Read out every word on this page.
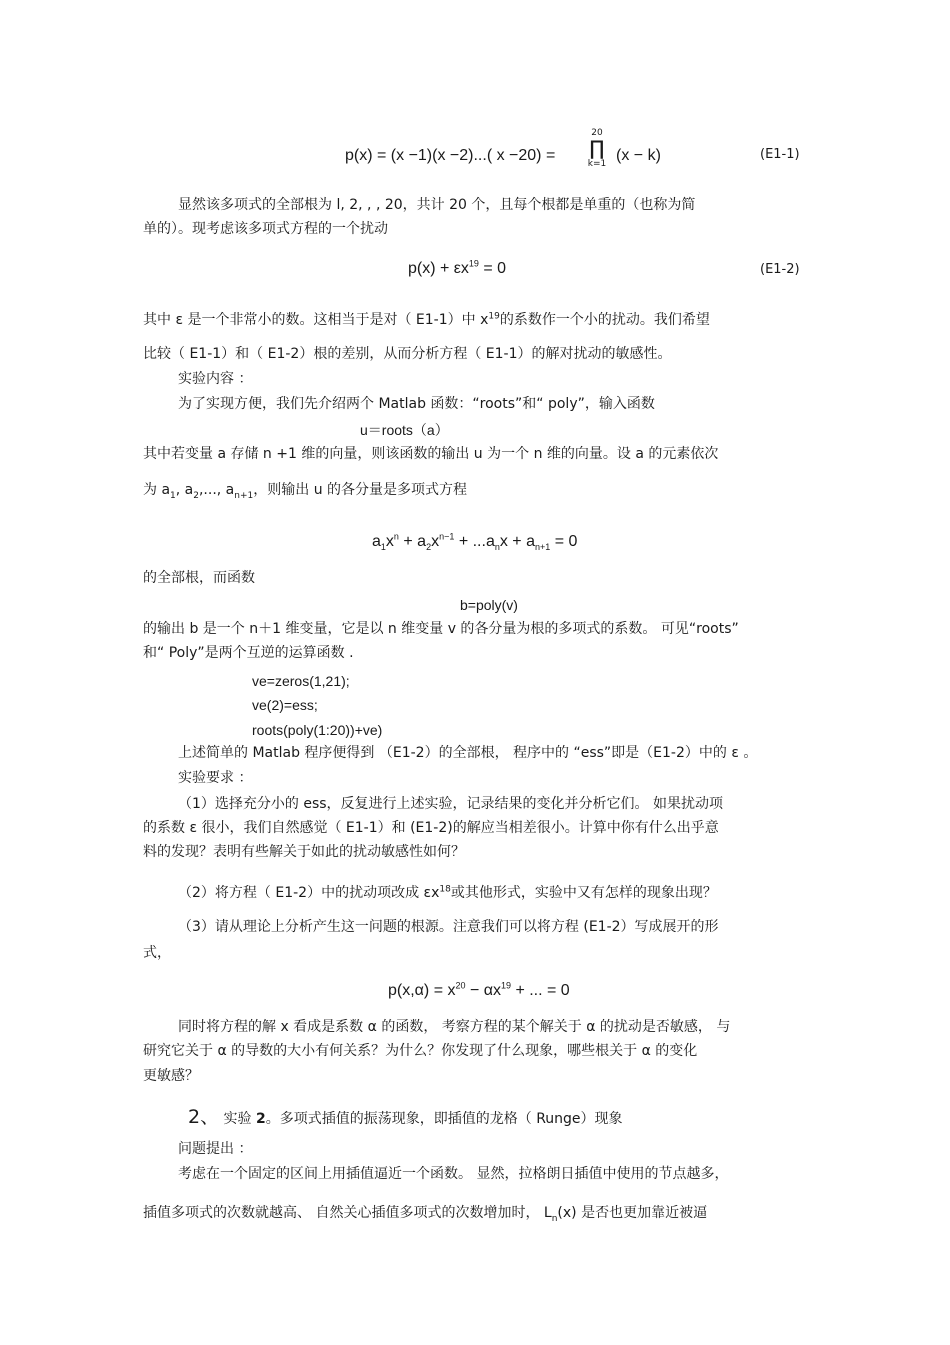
p(x) = (x −1)(x −2)...( x −20) =
20
∏
k=1 (x − k)	(E1-1)
显然该多项式的全部根为 l, 2, , , 20，共计 20 个，且每个根都是单重的（也称为简
单的）。现考虑该多项式方程的一个扰动
$p(x) + \varepsilon x^{19} = 0$	(E1-2)
其中 ε 是一个非常小的数。这相当于是对（ E1-1）中 $x^{19}$的系数作一个小的扰动。我们希望
比较（ E1-1）和（ E1-2）根的差别，从而分析方程（ E1-1）的解对扰动的敏感性。
实验内容 ：
为了实现方便，我们先介绍两个 Matlab 函数：“roots”和“ poly”，输入函数
u＝roots（a）
其中若变量 a 存储 n +1 维的向量，则该函数的输出 u 为一个 n 维的向量。设 a 的元素依次
为 $a_1$, $a_2$,..., $a_{n+1}$，则输出 u 的各分量是多项式方程
$a_1x^n + a_2x^{n-1} + ...a_nx + a_{n+1} = 0$
的全部根，而函数
b=poly(v)
的输出 b 是一个 n＋1 维变量，它是以 n 维变量 v 的各分量为根的多项式的系数。 可见“roots”
和“ Poly”是两个互逆的运算函数 .
ve=zeros(1,21);
ve(2)=ess;
roots(poly(1:20))+ve)
上述简单的 Matlab 程序便得到 （E1-2）的全部根， 程序中的 “ess”即是（E1-2）中的 ε 。
实验要求 ：
（1）选择充分小的 ess，反复进行上述实验，记录结果的变化并分析它们。 如果扰动项
的系数 ε 很小，我们自然感觉（ E1-1）和 (E1-2)的解应当相差很小。计算中你有什么出乎意
料的发现？表明有些解关于如此的扰动敏感性如何？
（2）将方程（ E1-2）中的扰动项改成 $\varepsilon x^{18}$或其他形式，实验中又有怎样的现象出现？
（3）请从理论上分析产生这一问题的根源。注意我们可以将方程 (E1-2）写成展开的形
式，
$p(x,\alpha) = x^{20} - \alpha x^{19}$ + ... = 0
同时将方程的解 x 看成是系数 α 的函数， 考察方程的某个解关于 α 的扰动是否敏感， 与
研究它关于 α 的导数的大小有何关系？为什么？你发现了什么现象，哪些根关于 α 的变化
更敏感？
2、 实验 2。多项式插值的振荡现象，即插值的龙格（ Runge）现象
问题提出 ：
考虑在一个固定的区间上用插值逼近一个函数。 显然，拉格朗日插值中使用的节点越多，
插值多项式的次数就越高、 自然关心插值多项式的次数增加时， $L_n(x)$ 是否也更加靠近被逼
